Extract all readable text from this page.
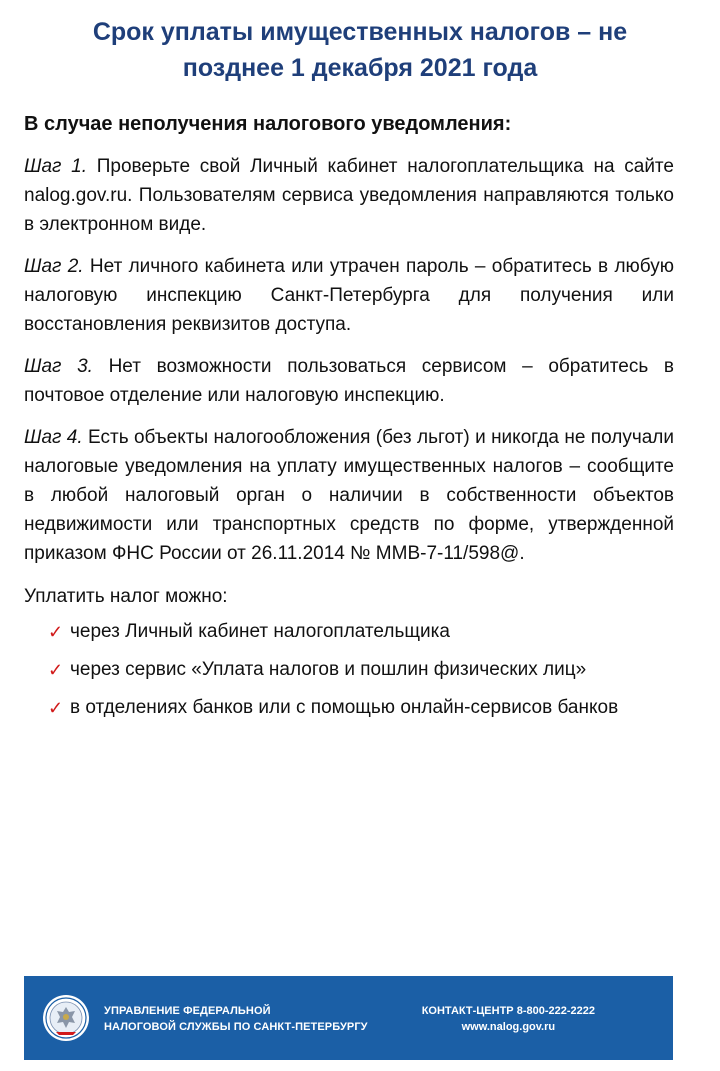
Срок уплаты имущественных налогов – не
позднее 1 декабря 2021 года
В случае неполучения налогового уведомления:

Шаг 1. Проверьте свой Личный кабинет налогоплательщика на сайте nalog.gov.ru. Пользователям сервиса уведомления направляются только в электронном виде.

Шаг 2. Нет личного кабинета или утрачен пароль – обратитесь в любую налоговую инспекцию Санкт-Петербурга для получения или восстановления реквизитов доступа.

Шаг 3. Нет возможности пользоваться сервисом – обратитесь в почтовое отделение или налоговую инспекцию.

Шаг 4. Есть объекты налогообложения (без льгот) и никогда не получали налоговые уведомления на уплату имущественных налогов – сообщите в любой налоговый орган о наличии в собственности объектов недвижимости или транспортных средств по форме, утвержденной приказом ФНС России от 26.11.2014 № ММВ-7-11/598@.

Уплатить налог можно:
✓ через Личный кабинет налогоплательщика
✓ через сервис «Уплата налогов и пошлин физических лиц»
✓ в отделениях банков или с помощью онлайн-сервисов банков
УПРАВЛЕНИЕ ФЕДЕРАЛЬНОЙ
НАЛОГОВОЙ СЛУЖБЫ ПО САНКТ-ПЕТЕРБУРГУ
КОНТАКТ-ЦЕНТР 8-800-222-2222
www.nalog.gov.ru
